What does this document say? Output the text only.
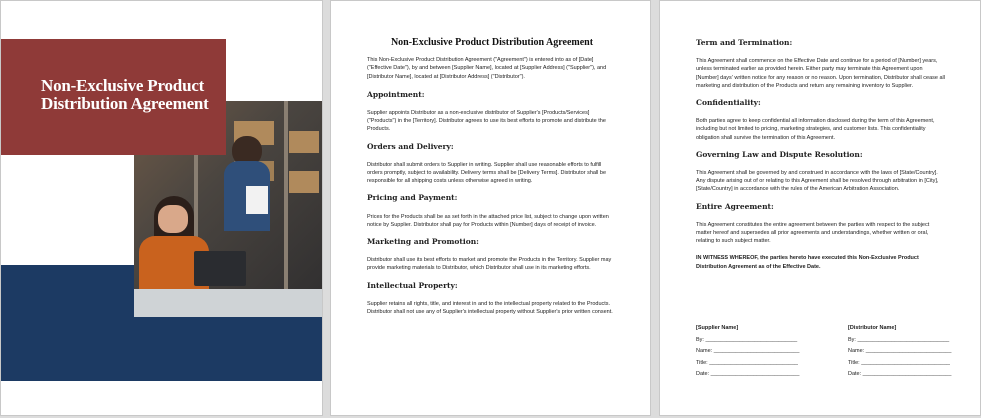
Non-Exclusive Product Distribution Agreement
Non-Exclusive Product Distribution Agreement
This Non-Exclusive Product Distribution Agreement ("Agreement") is entered into as of [Date] ("Effective Date"), by and between [Supplier Name], located at [Supplier Address] ("Supplier"), and [Distributor Name], located at [Distributor Address] ("Distributor").
Appointment:
Supplier appoints Distributor as a non-exclusive distributor of Supplier's [Products/Services] ("Products") in the [Territory]. Distributor agrees to use its best efforts to promote and distribute the Products.
Orders and Delivery:
Distributor shall submit orders to Supplier in writing. Supplier shall use reasonable efforts to fulfill orders promptly, subject to availability. Delivery terms shall be [Delivery Terms]. Distributor shall be responsible for all shipping costs unless otherwise agreed in writing.
Pricing and Payment:
Prices for the Products shall be as set forth in the attached price list, subject to change upon written notice by Supplier. Distributor shall pay for Products within [Number] days of receipt of invoice.
Marketing and Promotion:
Distributor shall use its best efforts to market and promote the Products in the Territory. Supplier may provide marketing materials to Distributor, which Distributor shall use in its marketing efforts.
Intellectual Property:
Supplier retains all rights, title, and interest in and to the intellectual property related to the Products. Distributor shall not use any of Supplier's intellectual property without Supplier's prior written consent.
Term and Termination:
This Agreement shall commence on the Effective Date and continue for a period of [Number] years, unless terminated earlier as provided herein. Either party may terminate this Agreement upon [Number] days' written notice for any reason or no reason. Upon termination, Distributor shall cease all marketing and distribution of the Products and return any remaining inventory to Supplier.
Confidentiality:
Both parties agree to keep confidential all information disclosed during the term of this Agreement, including but not limited to pricing, marketing strategies, and customer lists. This confidentiality obligation shall survive the termination of this Agreement.
Governing Law and Dispute Resolution:
This Agreement shall be governed by and construed in accordance with the laws of [State/Country]. Any dispute arising out of or relating to this Agreement shall be resolved through arbitration in [City], [State/Country] in accordance with the rules of the American Arbitration Association.
Entire Agreement:
This Agreement constitutes the entire agreement between the parties with respect to the subject matter hereof and supersedes all prior agreements and understandings, whether written or oral, relating to such subject matter.
IN WITNESS WHEREOF, the parties hereto have executed this Non-Exclusive Product Distribution Agreement as of the Effective Date.
[Supplier Name]
By: ______________________________
Name: ____________________________
Title: _____________________________
Date: _____________________________
[Distributor Name]
By: ______________________________
Name: ____________________________
Title: _____________________________
Date: _____________________________
